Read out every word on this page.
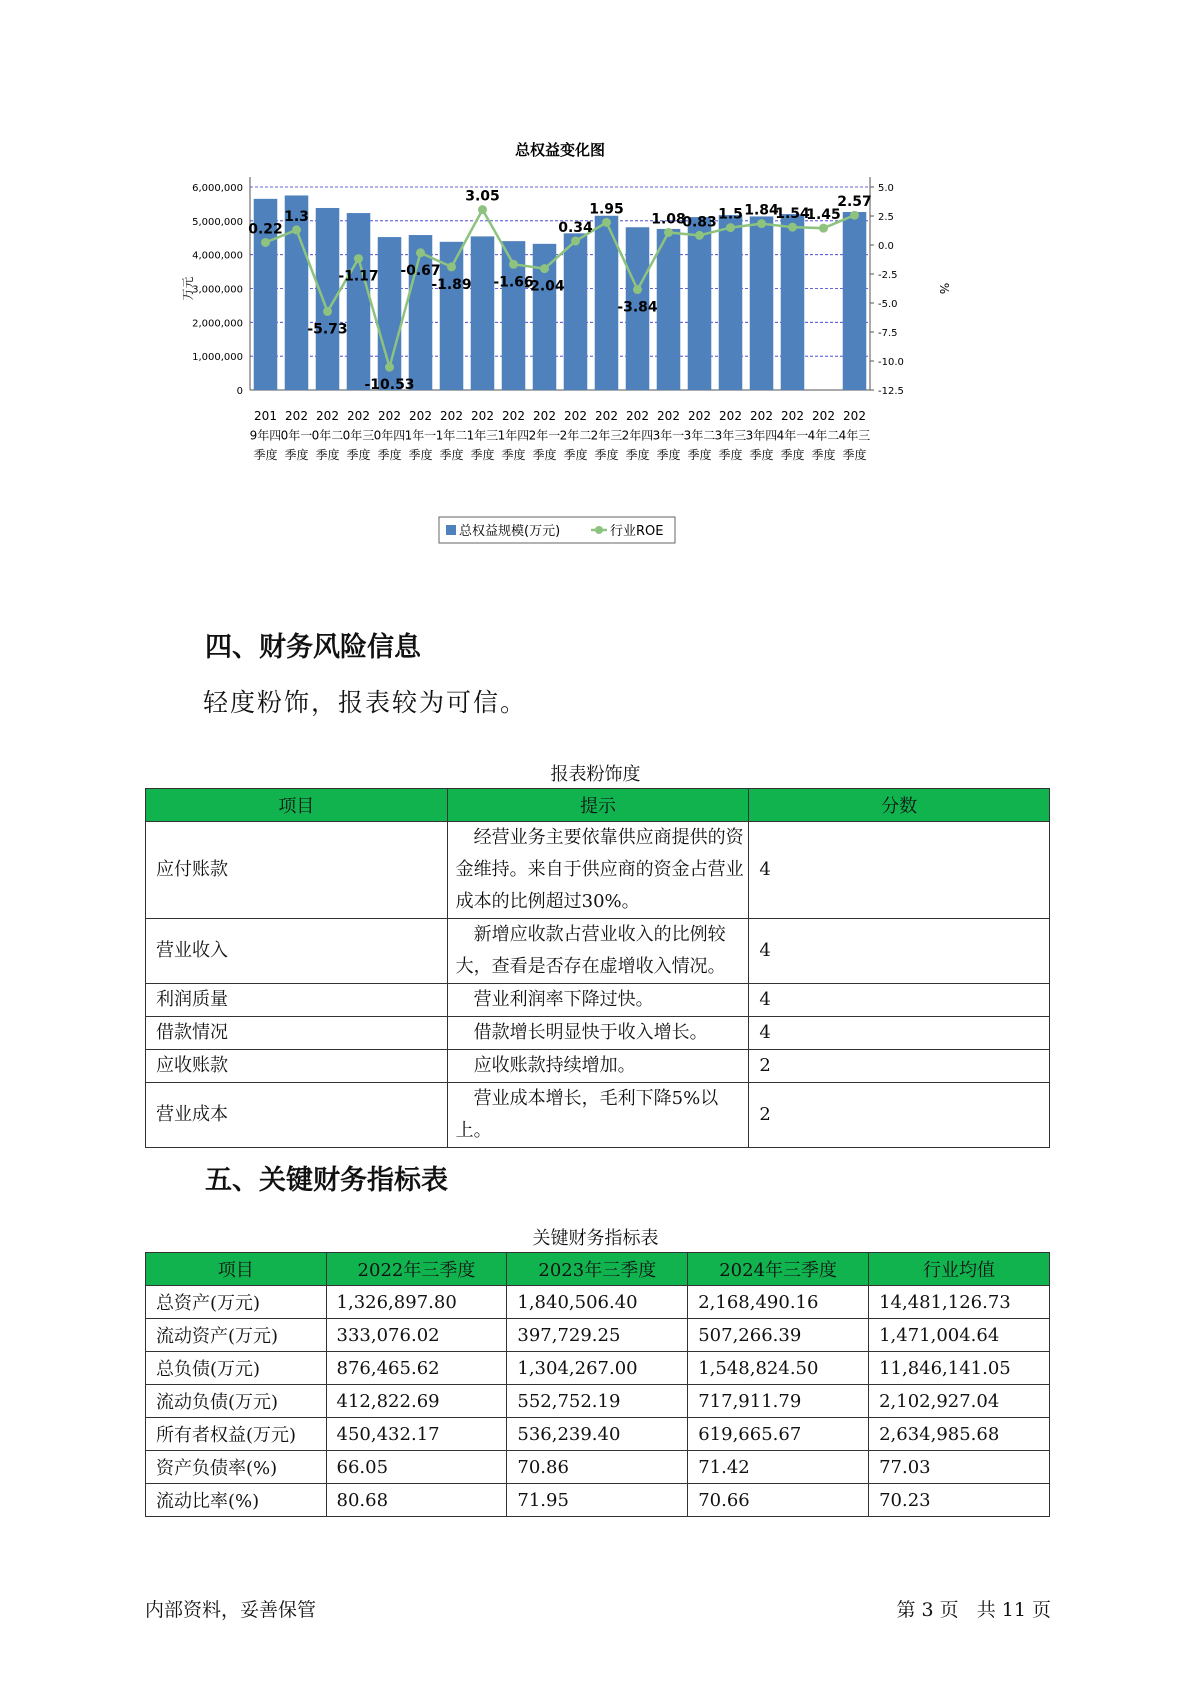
总权益变化图
0
1,000,000
2,000,000
3,000,000
4,000,000
5,000,000
6,000,000
-12.5
-10.0
-7.5
-5.0
-2.5
0.0
2.5
5.0
万元	%
201 9年四季度
202 0年一季度
202 0年二季度
202 0年三季度
202 0年四季度
202 1年一季度
202 1年二季度
202 1年三季度
202 1年四季度
202 2年一季度
202 2年二季度
202 2年三季度
202 2年四季度
202 3年一季度
202 3年二季度
202 3年三季度
202 3年四季度
202 4年一季度
202 4年二季度
202 4年三季度
0.22
1.3
-5.73
-1.17
-10.53
-0.67
-1.89
3.05
-1.66
-2.04
0.34
1.95
-3.84
1.08
0.83 1.5 1.84
1.54
1.45
2.57
总权益规模(万元)	行业ROE
四、财务风险信息

轻度粉饰，报表较为可信。

报表粉饰度
项目	提示	分数
应付账款	经营业务主要依靠供应商提供的资金维持。来自于供应商的资金占营业成本的比例超过30%。	4
营业收入	新增应收款占营业收入的比例较大，查看是否存在虚增收入情况。	4
利润质量	营业利润率下降过快。	4
借款情况	借款增长明显快于收入增长。	4
应收账款	应收账款持续增加。	2
营业成本	营业成本增长，毛利下降5%以上。	2
五、关键财务指标表
关键财务指标表
项目	2022年三季度	2023年三季度	2024年三季度	行业均值
总资产(万元)	1,326,897.80	1,840,506.40	2,168,490.16	14,481,126.73
流动资产(万元)	333,076.02	397,729.25	507,266.39	1,471,004.64
总负债(万元)	876,465.62	1,304,267.00	1,548,824.50	11,846,141.05
流动负债(万元)	412,822.69	552,752.19	717,911.79	2,102,927.04
所有者权益(万元)	450,432.17	536,239.40	619,665.67	2,634,985.68
资产负债率(%)	66.05	70.86	71.42	77.03
流动比率(%)	80.68	71.95	70.66	70.23
内部资料，妥善保管	第 3 页   共 11 页
